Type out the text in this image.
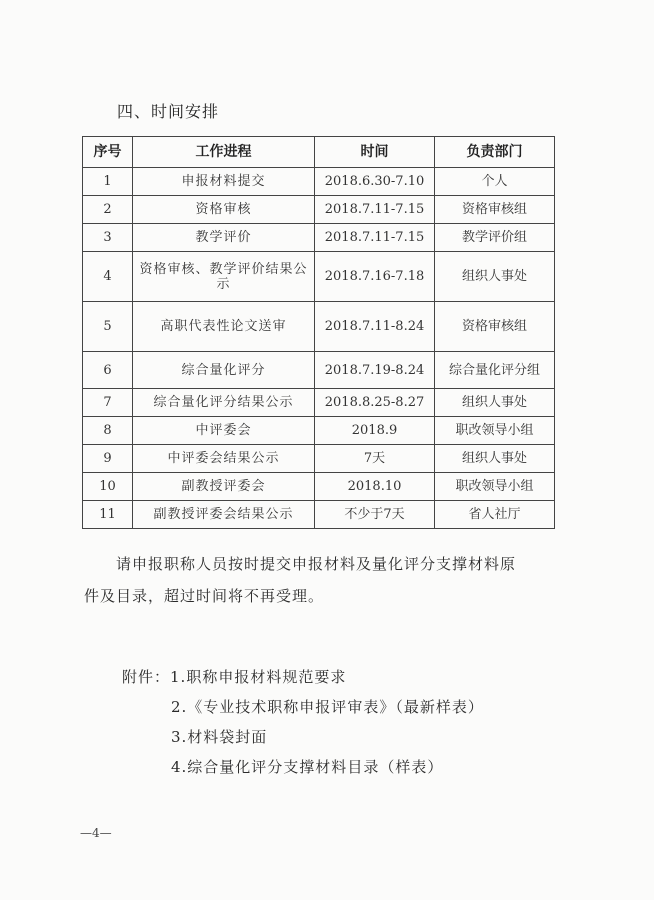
四、时间安排
序号	工作进程	时间	负责部门
1	申报材料提交	2018.6.30-7.10	个人
2	资格审核	2018.7.11-7.15	资格审核组
3	教学评价	2018.7.11-7.15	教学评价组
4	资格审核、教学评价结果公示	2018.7.16-7.18	组织人事处
5	高职代表性论文送审	2018.7.11-8.24	资格审核组
6	综合量化评分	2018.7.19-8.24	综合量化评分组
7	综合量化评分结果公示	2018.8.25-8.27	组织人事处
8	中评委会	2018.9	职改领导小组
9	中评委会结果公示	7天	组织人事处
10	副教授评委会	2018.10	职改领导小组
11	副教授评委会结果公示	不少于7天	省人社厅

请申报职称人员按时提交申报材料及量化评分支撑材料原

件及目录，超过时间将不再受理。

附件：1.职称申报材料规范要求
2.《专业技术职称申报评审表》（最新样表）
3.材料袋封面
4.综合量化评分支撑材料目录（样表）
—4—
